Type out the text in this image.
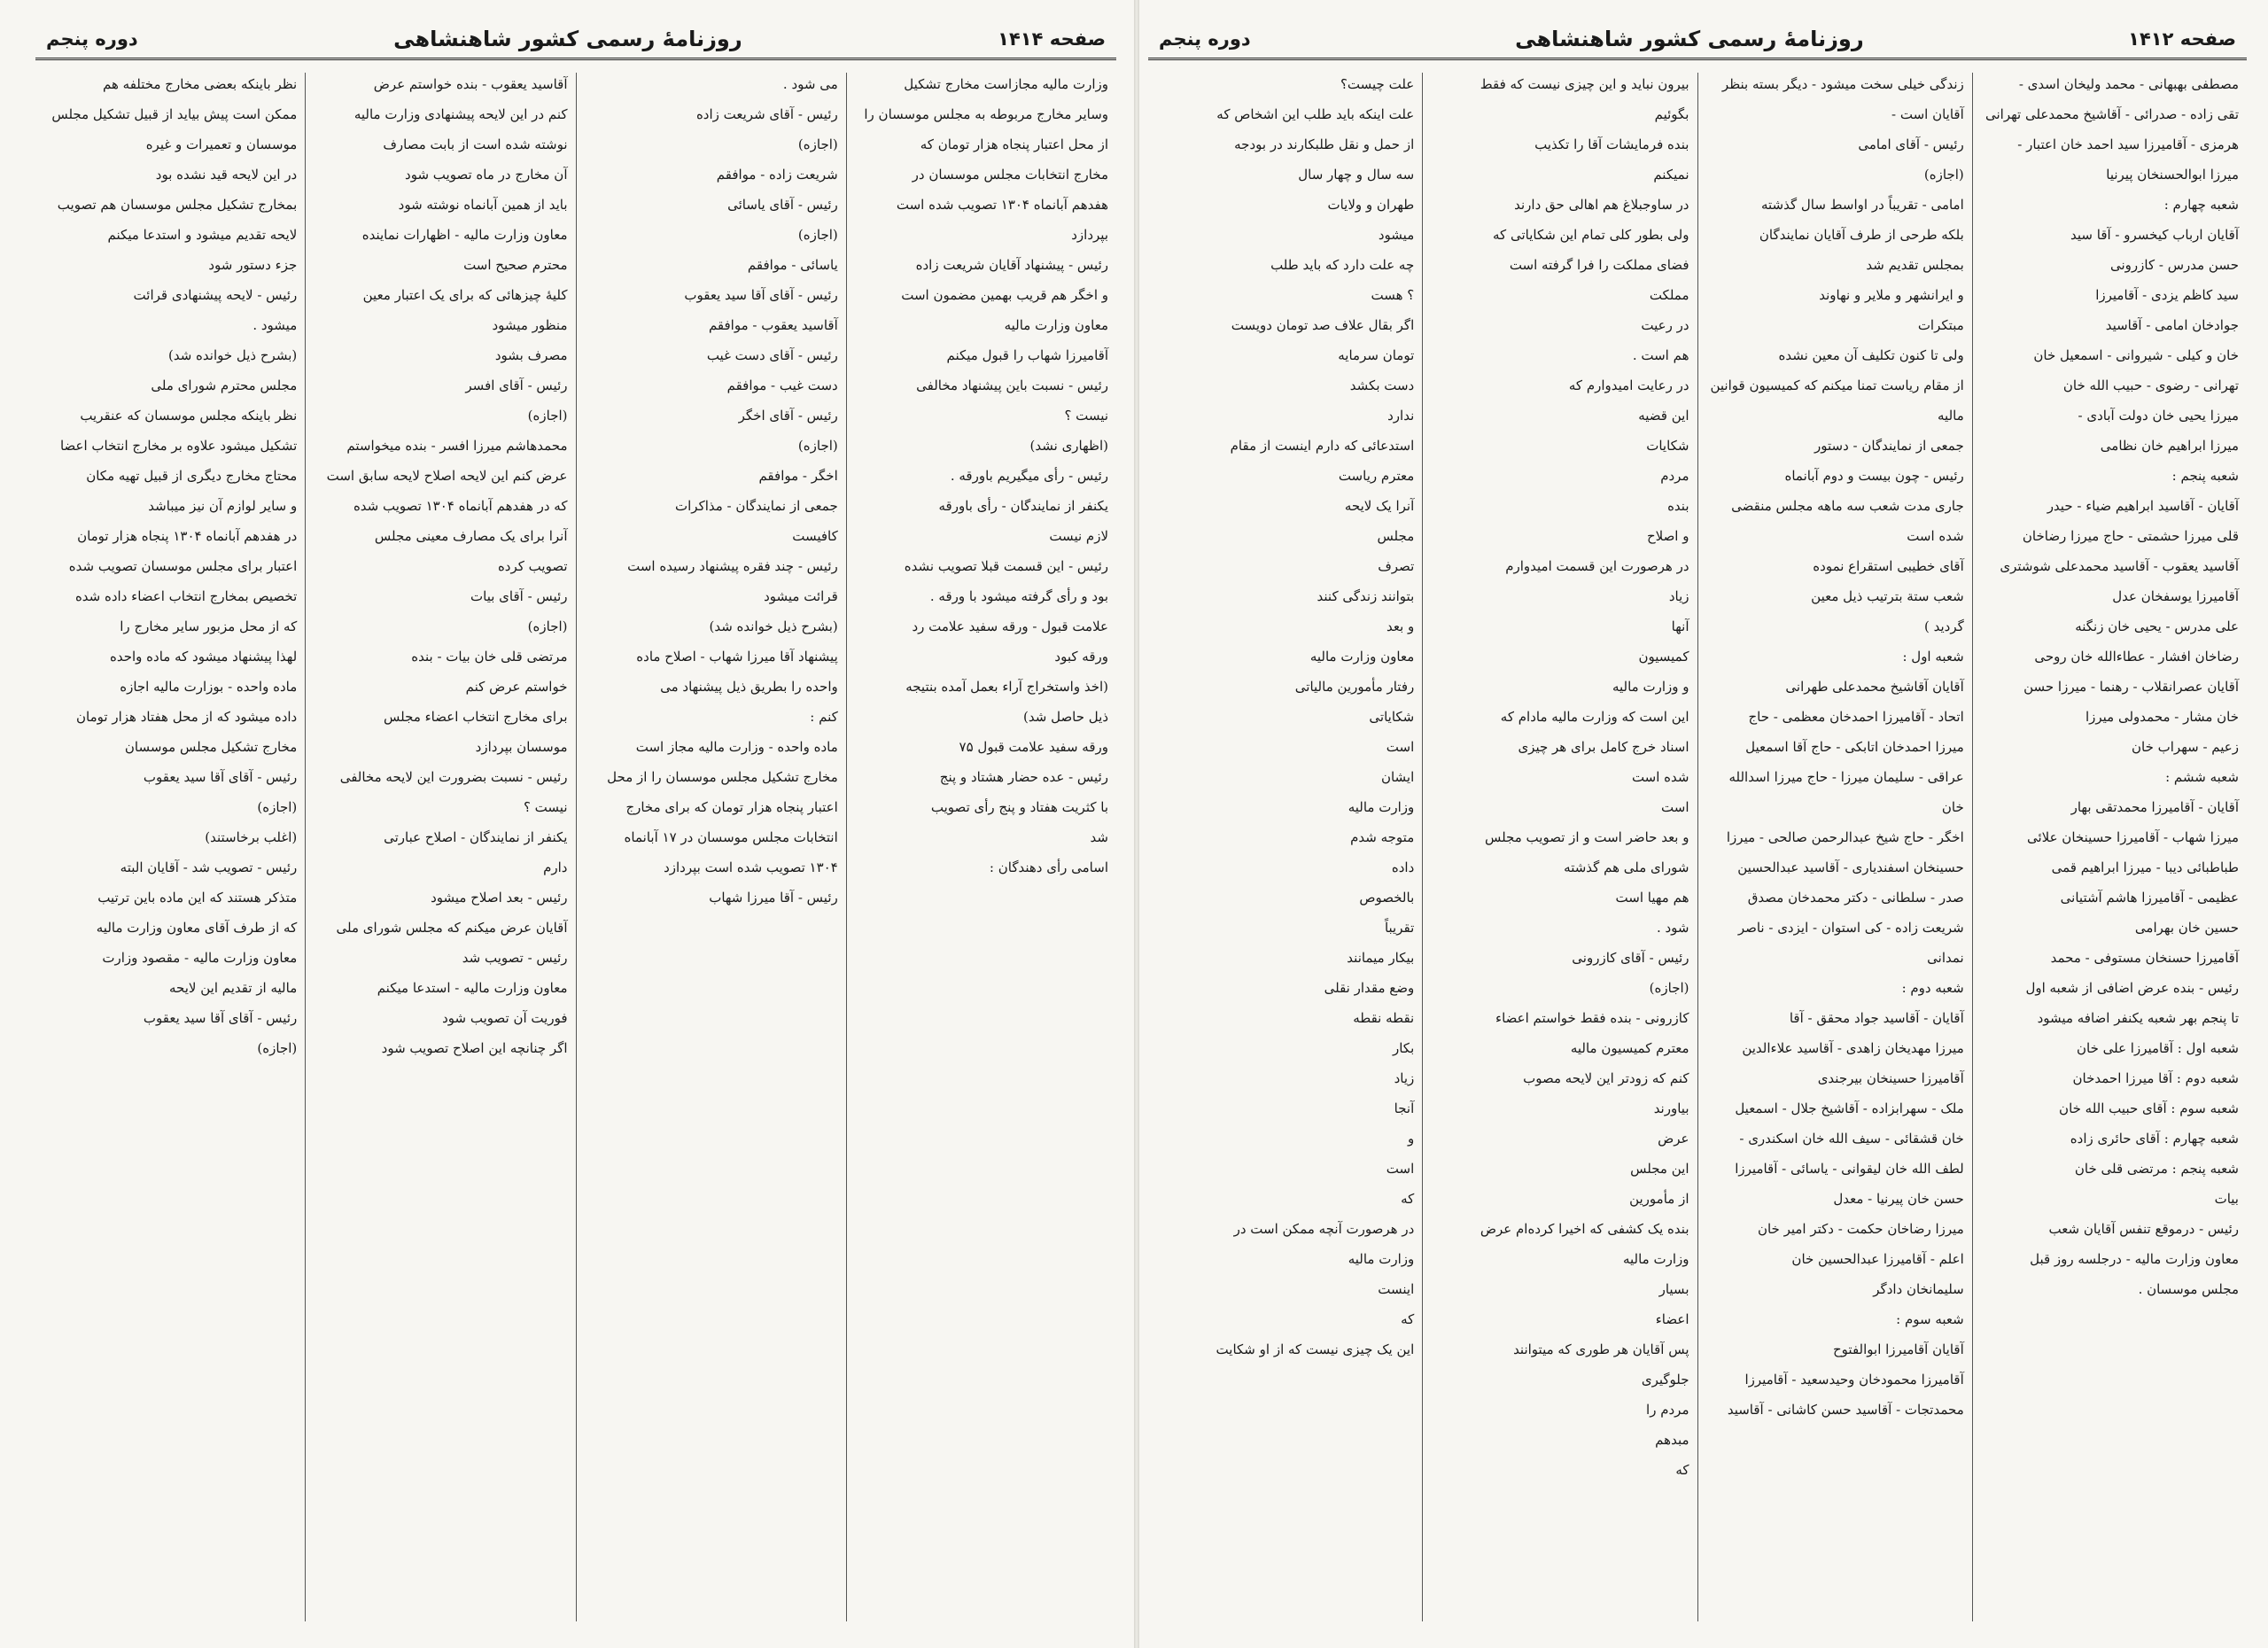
صفحه ۱۴۱۴
روزنامهٔ رسمی کشور شاهنشاهی
دوره پنجم

وزارت مالیه مجازاست مخارج تشکیل

وسایر مخارج مربوطه به مجلس موسسان را

از محل اعتبار پنجاه هزار تومان که

مخارج انتخابات مجلس موسسان در

هفدهم آبانماه ۱۳۰۴ تصویب شده است

بپردازد

رئیس - پیشنهاد آقایان شریعت زاده

و اخگر هم قریب بهمین مضمون است

معاون وزارت مالیه

آقامیرزا شهاب را قبول میکنم

رئیس - نسبت باین پیشنهاد مخالفی

نیست ؟

(اظهاری نشد)

رئیس - رأی میگیریم باورقه .

یکنفر از نمایندگان - رأی باورقه

لازم نیست

رئیس - این قسمت قبلا تصویب نشده

بود و رأی گرفته میشود با ورقه .

علامت قبول - ورقه سفید علامت رد

ورقه کبود

(اخذ واستخراج آراء بعمل آمده بنتیجه

ذیل حاصل شد)

ورقه سفید علامت قبول ۷۵

رئیس - عده حضار هشتاد و پنج

با کثریت هفتاد و پنج رأی تصویب

شد

اسامی رأی دهندگان :

می شود .

رئیس - آقای شریعت زاده

(اجازه)

شریعت زاده - موافقم

رئیس - آقای یاسائی

(اجازه)

یاسائی - موافقم

رئیس - آقای آقا سید یعقوب

آقاسید یعقوب - موافقم

رئیس - آقای دست غیب

دست غیب - موافقم

رئیس - آقای اخگر

(اجازه)

اخگر - موافقم

جمعی از نمایندگان - مذاکرات

کافیست

رئیس - چند فقره پیشنهاد رسیده است

قرائت میشود

(بشرح ذیل خوانده شد)

پیشنهاد آقا میرزا شهاب - اصلاح ماده

واحده را بطریق ذیل پیشنهاد می

کنم :

ماده واحده - وزارت مالیه مجاز است

مخارج تشکیل مجلس موسسان را از محل

اعتبار پنجاه هزار تومان که برای مخارج

انتخابات مجلس موسسان در ۱۷ آبانماه

۱۳۰۴ تصویب شده است بپردازد

رئیس - آقا میرزا شهاب

آقاسید یعقوب - بنده خواستم عرض

کنم در این لایحه پیشنهادی وزارت مالیه

نوشته شده است از بابت مصارف

آن مخارج در ماه تصویب شود

باید از همین آبانماه نوشته شود

معاون وزارت مالیه - اظهارات نماینده

محترم صحیح است

کلیهٔ چیزهائی که برای یک اعتبار معین

منظور میشود

مصرف بشود

رئیس - آقای افسر

(اجازه)

محمدهاشم میرزا افسر - بنده میخواستم

عرض کنم این لایحه اصلاح لایحه سابق است

که در هفدهم آبانماه ۱۳۰۴ تصویب شده

آنرا برای یک مصارف معینی مجلس

تصویب کرده

رئیس - آقای بیات

(اجازه)

مرتضی قلی خان بیات - بنده

خواستم عرض کنم

برای مخارج انتخاب اعضاء مجلس

موسسان بپردازد

رئیس - نسبت بضرورت این لایحه مخالفی

نیست ؟

یکنفر از نمایندگان - اصلاح عبارتی

دارم

رئیس - بعد اصلاح میشود

آقایان عرض میکنم که مجلس شورای ملی

رئیس - تصویب شد

معاون وزارت مالیه - استدعا میکنم

فوریت آن تصویب شود

اگر چنانچه این اصلاح تصویب شود

نظر باینکه بعضی مخارج مختلفه هم

ممکن است پیش بیاید از قبیل تشکیل مجلس

موسسان و تعمیرات و غیره

در این لایحه قید نشده بود

بمخارج تشکیل مجلس موسسان هم تصویب

لایحه تقدیم میشود و استدعا میکنم

جزء دستور شود

رئیس - لایحه پیشنهادی قرائت

میشود .

(بشرح ذیل خوانده شد)

مجلس محترم شورای ملی

نظر باینکه مجلس موسسان که عنقریب

تشکیل میشود علاوه بر مخارج انتخاب اعضا

محتاج مخارج دیگری از قبیل تهیه مکان

و سایر لوازم آن نیز میباشد

در هفدهم آبانماه ۱۳۰۴ پنجاه هزار تومان

اعتبار برای مجلس موسسان تصویب شده

تخصیص بمخارج انتخاب اعضاء داده شده

که از محل مزبور سایر مخارج را

لهذا پیشنهاد میشود که ماده واحده

ماده واحده - بوزارت مالیه اجازه

داده میشود که از محل هفتاد هزار تومان

مخارج تشکیل مجلس موسسان

رئیس - آقای آقا سید یعقوب

(اجازه)

(اغلب برخاستند)

رئیس - تصویب شد - آقایان البته

متذکر هستند که این ماده باین ترتیب

که از طرف آقای معاون وزارت مالیه

معاون وزارت مالیه - مقصود وزارت

مالیه از تقدیم این لایحه

رئیس - آقای آقا سید یعقوب

(اجازه)

صفحه ۱۴۱۲
روزنامهٔ رسمی کشور شاهنشاهی
دوره پنجم

مصطفی بهبهانی - محمد ولیخان اسدی -

تقی زاده - صدرائی - آقاشیخ محمدعلی تهرانی

هرمزی - آقامیرزا سید احمد خان اعتبار -

میرزا ابوالحسنخان پیرنیا

شعبه چهارم :

آقایان ارباب کیخسرو - آقا سید

حسن مدرس - کازرونی

سید کاظم یزدی - آقامیرزا

جوادخان امامی - آقاسید

خان و کیلی - شیروانی - اسمعیل خان

تهرانی - رضوی - حبیب الله خان

میرزا یحیی خان دولت آبادی -

میرزا ابراهیم خان نظامی

شعبه پنجم :

آقایان - آقاسید ابراهیم ضیاء - حیدر

قلی میرزا حشمتی - حاج میرزا رضاخان

آقاسید یعقوب - آقاسید محمدعلی شوشتری

آقامیرزا یوسفخان عدل

علی مدرس - یحیی خان زنگنه

رضاخان افشار - عطاءالله خان روحی

آقایان عصرانقلاب - رهنما - میرزا حسن

خان مشار - محمدولی میرزا

زعیم - سهراب خان

شعبه ششم :

آقایان - آقامیرزا محمدتقی بهار

میرزا شهاب - آقامیرزا حسینخان علائی

طباطبائی دیبا - میرزا ابراهیم قمی

عظیمی - آقامیرزا هاشم آشتیانی

حسین خان بهرامی

آقامیرزا حسنخان مستوفی - محمد

رئیس - بنده عرض اضافی از شعبه اول

تا پنجم بهر شعبه یکنفر اضافه میشود

شعبه اول : آقامیرزا علی خان

شعبه دوم : آقا میرزا احمدخان

شعبه سوم : آقای حبیب الله خان

شعبه چهارم : آقای حائری زاده

شعبه پنجم : مرتضی قلی خان

بیات

رئیس - درموقع تنفس آقایان شعب

معاون وزارت مالیه - درجلسه روز قبل

مجلس موسسان .

زندگی خیلی سخت میشود - دیگر بسته بنظر

آقایان است -

رئیس - آقای امامی

(اجازه)

امامی - تقریباً در اواسط سال گذشته

بلکه طرحی از طرف آقایان نمایندگان

بمجلس تقدیم شد

و ایرانشهر و ملایر و نهاوند

مبتکرات

ولی تا کنون تکلیف آن معین نشده

از مقام ریاست تمنا میکنم که کمیسیون قوانین

مالیه

جمعی از نمایندگان - دستور

رئیس - چون بیست و دوم آبانماه

جاری مدت شعب سه ماهه مجلس منقضی

شده است

آقای خطیبی استقراع نموده

شعب ستة بترتیب ذیل معین

گردید )

شعبه اول :

آقایان آقاشیخ محمدعلی طهرانی

اتحاد - آقامیرزا احمدخان معظمی - حاج

میرزا احمدخان اتابکی - حاج آقا اسمعیل

عراقی - سلیمان میرزا - حاج میرزا اسدالله

خان

اخگر - حاج شیخ عبدالرحمن صالحی - میرزا

حسینخان اسفندیاری - آقاسید عبدالحسین

صدر - سلطانی - دکتر محمدخان مصدق

شریعت زاده - کی استوان - ایزدی - ناصر

نمدانی

شعبه دوم :

آقایان - آقاسید جواد محقق - آقا

میرزا مهدیخان زاهدی - آقاسید علاءالدین

آقامیرزا حسینخان بیرجندی

ملک - سهرابزاده - آقاشیخ جلال - اسمعیل

خان قشقائی - سیف الله خان اسکندری -

لطف الله خان لیقوانی - یاسائی - آقامیرزا

حسن خان پیرنیا - معدل

میرزا رضاخان حکمت - دکتر امیر خان

اعلم - آقامیرزا عبدالحسین خان

سلیمانخان دادگر

شعبه سوم :

آقایان آقامیرزا ابوالفتوح

آقامیرزا محمودخان وحیدسعید - آقامیرزا

محمدتجات - آقاسید حسن کاشانی - آقاسید

بیرون نباید و این چیزی نیست که فقط

بگوئیم

بنده فرمایشات آقا را تکذیب

نمیکنم

در ساوجبلاغ هم اهالی حق دارند

ولی بطور کلی تمام این شکایاتی که

فضای مملکت را فرا گرفته است

مملکت

در رعیت

هم است .

در رعایت امیدوارم که

این قضیه

شکایات

مردم

بنده

و اصلاح

در هرصورت این قسمت امیدوارم

زیاد

آنها

کمیسیون

و وزارت مالیه

این است که وزارت مالیه مادام که

اسناد خرج کامل برای هر چیزی

شده است

است

و بعد حاضر است و از تصویب مجلس

شورای ملی هم گذشته

هم مهیا است

شود .

رئیس - آقای کازرونی

(اجازه)

کازرونی - بنده فقط خواستم اعضاء

معترم کمیسیون مالیه

کنم که زودتر این لایحه مصوب

بیاورند

عرض

این مجلس

از مأمورین

بنده یک کشفی که اخیرا کرده‌ام عرض

وزارت مالیه

بسیار

اعضاء

پس آقایان هر طوری که میتوانند

جلوگیری

مردم را

مبدهم

که

علت چیست؟

علت اینکه باید طلب این اشخاص که

از حمل و نقل طلبکارند در بودجه

سه سال و چهار سال

طهران و ولایات

میشود

چه علت دارد که باید طلب

؟ هست

اگر بقال علاف صد تومان دویست

تومان سرمایه

دست بکشد

ندارد

استدعائی که دارم اینست از مقام

معترم ریاست

آنرا یک لایحه

مجلس

تصرف

بتوانند زندگی کنند

و بعد

معاون وزارت مالیه

رفتار مأمورین مالیاتی

شکایاتی

است

ایشان

وزارت مالیه

متوجه شدم

داده

بالخصوص

تقریباً

بیکار میمانند

وضع مقدار نقلی

نقطه نقطه

بکار

زیاد

آنجا

و

است

که

در هرصورت آنچه ممکن است در

وزارت مالیه

اینست

که

این یک چیزی نیست که از او شکایت
